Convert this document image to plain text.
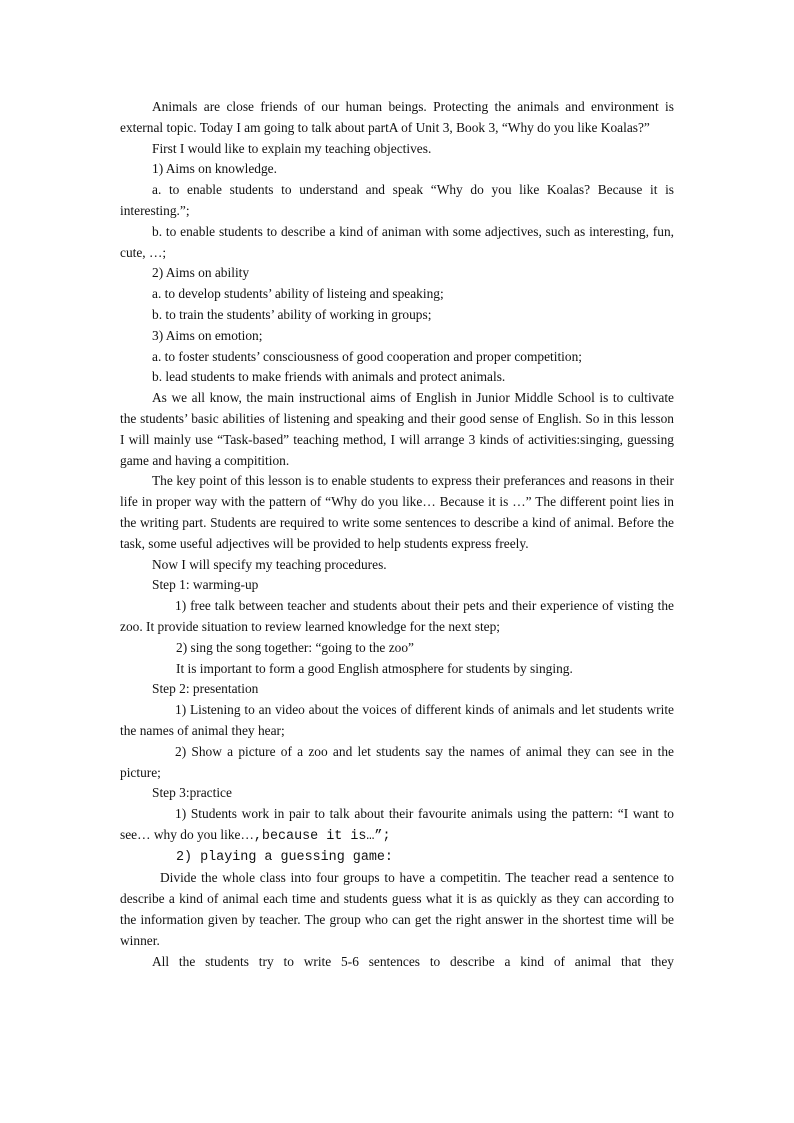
Animals are close friends of our human beings. Protecting the animals and environment is external topic. Today I am going to talk about partA of Unit 3, Book 3, “Why do you like Koalas?”

First I would like to explain my teaching objectives.

1) Aims on knowledge.

a. to enable students to understand and speak “Why do you like Koalas? Because it is interesting.”;

b. to enable students to describe a kind of animan with some adjectives, such as interesting, fun, cute, …;

2) Aims on ability

a. to develop students’ ability of listeing and speaking;

b. to train the students’ ability of working in groups;

3) Aims on emotion;

a. to foster students’ consciousness of good cooperation and proper competition;

b. lead students to make friends with animals and protect animals.

As we all know, the main instructional aims of English in Junior Middle School is to cultivate the students’ basic abilities of listening and speaking and their good sense of English. So in this lesson I will mainly use “Task-based” teaching method, I will arrange 3 kinds of activities:singing, guessing game and having a compitition.

The key point of this lesson is to enable students to express their preferances and reasons in their life in proper way with the pattern of “Why do you like… Because it is …” The different point lies in the writing part. Students are required to write some sentences to describe a kind of animal. Before the task, some useful adjectives will be provided to help students express freely.

Now I will specify my teaching procedures.

Step 1: warming-up

1) free talk between teacher and students about their pets and their experience of visting the zoo. It provide situation to review learned knowledge for the next step;

2) sing the song together: “going to the zoo”

It is important to form a good English atmosphere for students by singing.

Step 2: presentation

1) Listening to an video about the voices of different kinds of animals and let students write the names of animal they hear;

2) Show a picture of a zoo and let students say the names of animal they can see in the picture;

Step 3:practice

1) Students work in pair to talk about their favourite animals using the pattern: “I want to see… why do you like…,because it is…”;

2) playing a guessing game:

Divide the whole class into four groups to have a competitin. The teacher read a sentence to describe a kind of animal each time and students guess what it is as quickly as they can according to the information given by teacher. The group who can get the right answer in the shortest time will be winner.

All the students try to write 5-6 sentences to describe a kind of animal that they
